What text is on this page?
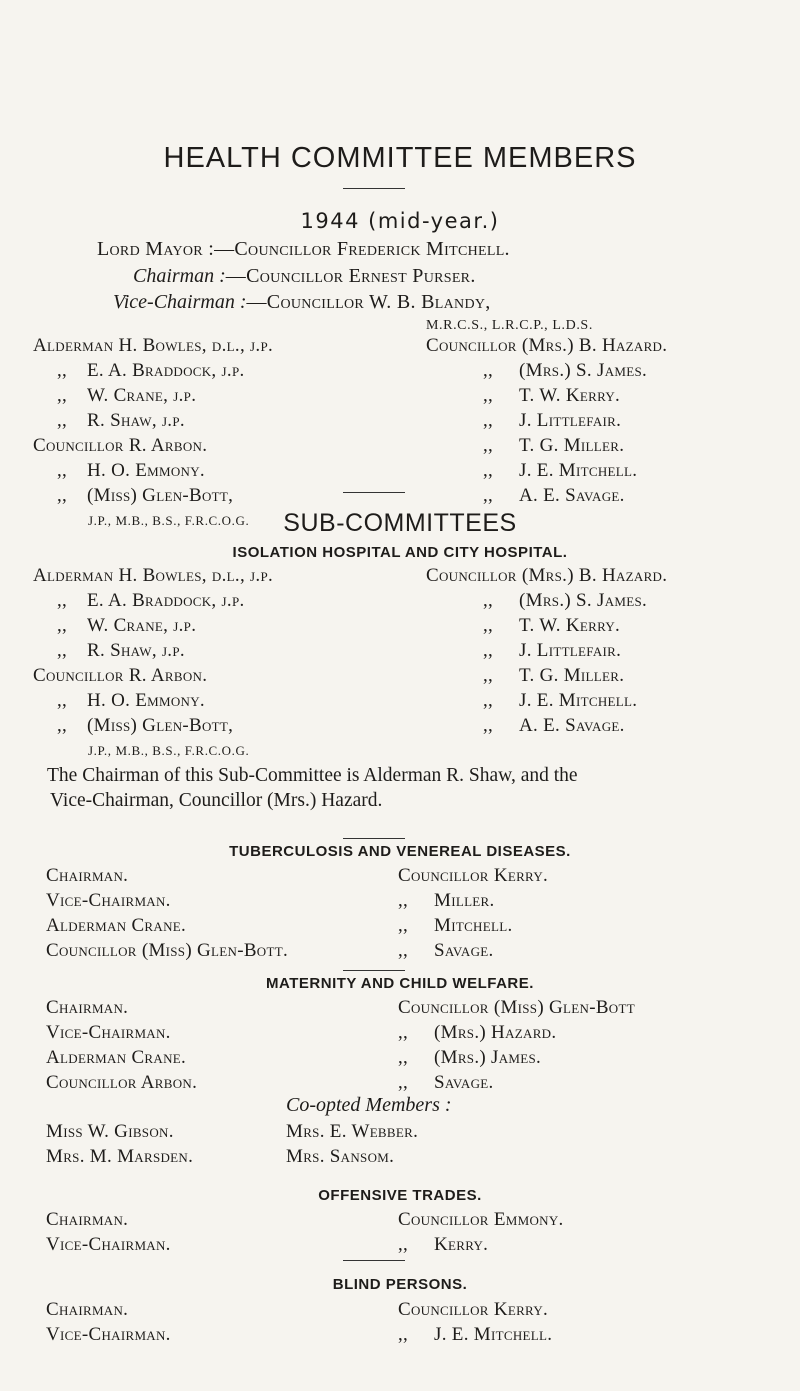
HEALTH COMMITTEE MEMBERS
1944 (mid-year.)
Lord Mayor :—Councillor Frederick Mitchell.
Chairman :—Councillor Ernest Purser.
Vice-Chairman :—Councillor W. B. Blandy,
M.R.C.S., L.R.C.P., L.D.S.
Alderman H. Bowles, d.l., j.p.
,, E. A. Braddock, j.p.
,, W. Crane, j.p.
,, R. Shaw, j.p.
Councillor R. Arbon.
,, H. O. Emmony.
,, (Miss) Glen-Bott,
J.P., M.B., B.S., F.R.C.O.G.
Councillor (Mrs.) B. Hazard.
,, (Mrs.) S. James.
,, T. W. Kerry.
,, J. Littlefair.
,, T. G. Miller.
,, J. E. Mitchell.
,, A. E. Savage.
SUB-COMMITTEES
ISOLATION HOSPITAL AND CITY HOSPITAL.
Alderman H. Bowles, d.l., j.p.
,, E. A. Braddock, j.p.
,, W. Crane, j.p.
,, R. Shaw, j.p.
Councillor R. Arbon.
,, H. O. Emmony.
,, (Miss) Glen-Bott,
J.P., M.B., B.S., F.R.C.O.G.
Councillor (Mrs.) B. Hazard.
,, (Mrs.) S. James.
,, T. W. Kerry.
,, J. Littlefair.
,, T. G. Miller.
,, J. E. Mitchell.
,, A. E. Savage.
The Chairman of this Sub-Committee is Alderman R. Shaw, and the
Vice-Chairman, Councillor (Mrs.) Hazard.
TUBERCULOSIS AND VENEREAL DISEASES.
Chairman.
Vice-Chairman.
Alderman Crane.
Councillor (Miss) Glen-Bott.
Councillor Kerry.
,, Miller.
,, Mitchell.
,, Savage.
MATERNITY AND CHILD WELFARE.
Chairman.
Vice-Chairman.
Alderman Crane.
Councillor Arbon.
Councillor (Miss) Glen-Bott
,, (Mrs.) Hazard.
,, (Mrs.) James.
,, Savage.
Co-opted Members :
Miss W. Gibson.
Mrs. M. Marsden.
Mrs. E. Webber.
Mrs. Sansom.
OFFENSIVE TRADES.
Chairman.
Vice-Chairman.
Councillor Emmony.
,, Kerry.
BLIND PERSONS.
Chairman.
Vice-Chairman.
Councillor Kerry.
,, J. E. Mitchell.
